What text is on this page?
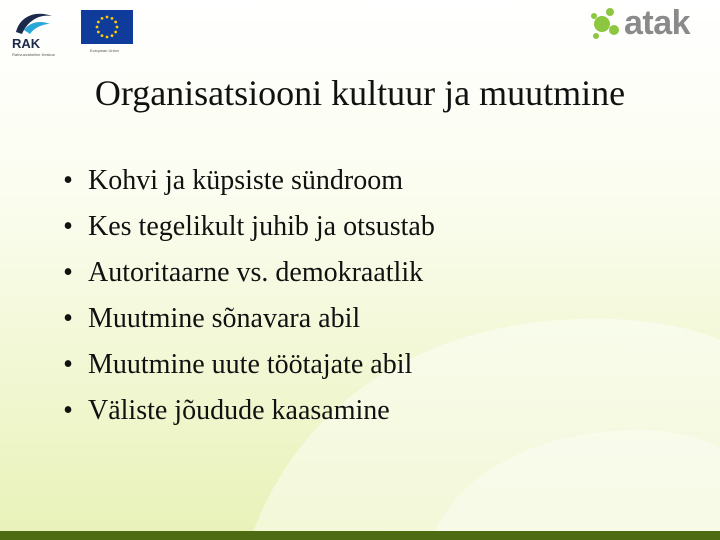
RAK
Rahvusvaheline Keskus
European Union
atak
Organisatsiooni kultuur ja muutmine
• Kohvi ja küpsiste sündroom
• Kes tegelikult juhib ja otsustab
• Autoritaarne vs. demokraatlik
• Muutmine sõnavara abil
• Muutmine uute töötajate abil
• Väliste jõudude kaasamine
